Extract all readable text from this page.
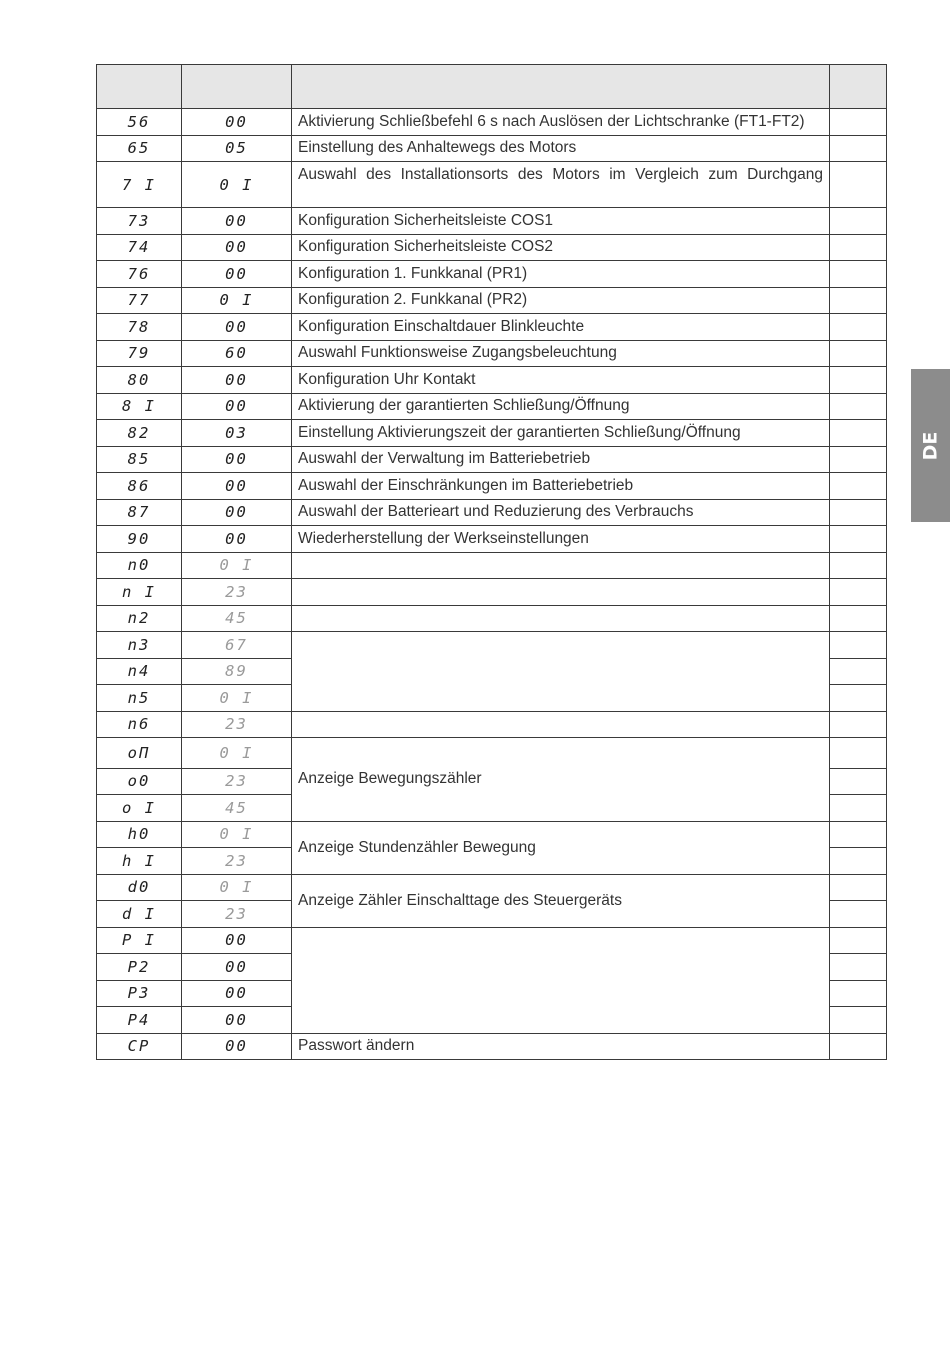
56	00	Aktivierung Schließbefehl 6 s nach Auslösen der Lichtschranke (FT1-FT2)	
65	05	Einstellung des Anhaltewegs des Motors	
7 I	0 I	Auswahl des Installationsorts des Motors im Vergleich zum Durchgang	
73	00	Konfiguration Sicherheitsleiste COS1	
74	00	Konfiguration Sicherheitsleiste COS2	
76	00	Konfiguration 1. Funkkanal (PR1)	
77	0 I	Konfiguration 2. Funkkanal (PR2)	
78	00	Konfiguration Einschaltdauer Blinkleuchte	
79	60	Auswahl Funktionsweise Zugangsbeleuchtung	
80	00	Konfiguration Uhr Kontakt	
8 I	00	Aktivierung der garantierten Schließung/Öffnung	
82	03	Einstellung Aktivierungszeit der garantierten Schließung/Öffnung	
85	00	Auswahl der Verwaltung im Batteriebetrieb	
86	00	Auswahl der Einschränkungen im Batteriebetrieb	
87	00	Auswahl der Batterieart und Reduzierung des Verbrauchs	
90	00	Wiederherstellung der Werkseinstellungen	
n0	0 I		
n I	23		
n2	45		
n3	67		
n4	89		
n5	0 I		
n6	23		
oΠ	0 I	Anzeige Bewegungszähler	
o0	23		
o I	45		
h0	0 I	Anzeige Stundenzähler Bewegung	
h I	23		
d0	0 I	Anzeige Zähler Einschalttage des Steuergeräts	
d I	23		
P I	00		
P2	00		
P3	00		
P4	00		
CP	00	Passwort ändern	
DE
